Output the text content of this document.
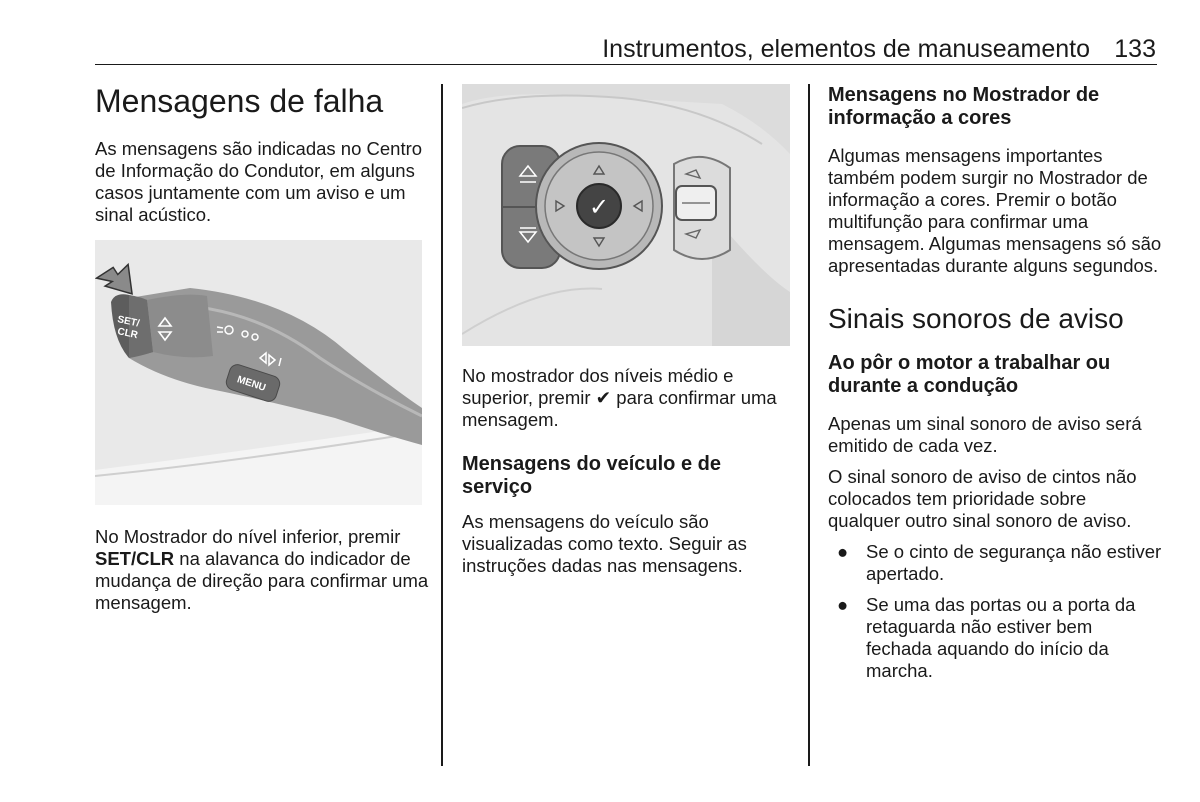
Instrumentos, elementos de manuseamento 133
Mensagens de falha

As mensagens são indicadas no Centro de Informação do Condutor, em alguns casos juntamente com um aviso e um sinal acústico.

SET/
CLR
MENU

No Mostrador do nível inferior, premir SET/CLR na alavanca do indicador de mudança de direção para confirmar uma mensagem.

✓

No mostrador dos níveis médio e superior, premir ✔ para confirmar uma mensagem.

Mensagens do veículo e de serviço

As mensagens do veículo são visualizadas como texto. Seguir as instruções dadas nas mensagens.

Mensagens no Mostrador de informação a cores

Algumas mensagens importantes também podem surgir no Mostrador de informação a cores. Premir o botão multifunção para confirmar uma mensagem. Algumas mensagens só são apresentadas durante alguns segundos.

Sinais sonoros de aviso
Ao pôr o motor a trabalhar ou durante a condução

Apenas um sinal sonoro de aviso será emitido de cada vez.

O sinal sonoro de aviso de cintos não colocados tem prioridade sobre qualquer outro sinal sonoro de aviso.

● Se o cinto de segurança não estiver apertado.
● Se uma das portas ou a porta da retaguarda não estiver bem fechada aquando do início da marcha.
